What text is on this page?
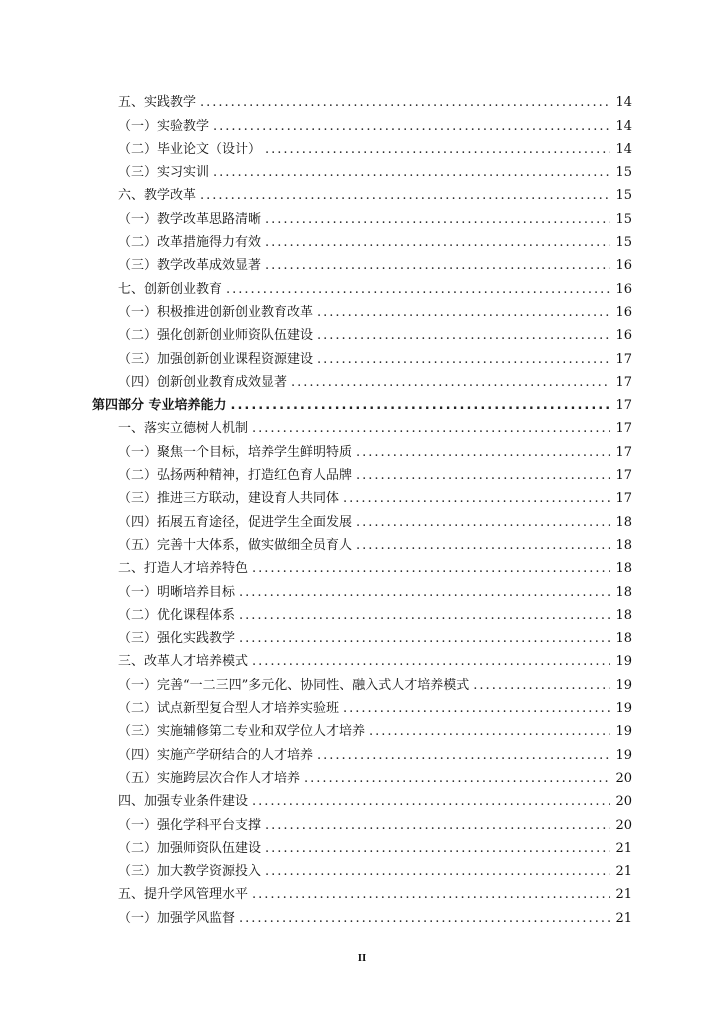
五、实践教学 .....	14
（一）实验教学 .....	14
（二）毕业论文（设计） .....	14
（三）实习实训 .....	15
六、教学改革 .....	15
（一）教学改革思路清晰 .....	15
（二）改革措施得力有效 .....	15
（三）教学改革成效显著 .....	16
七、创新创业教育 .....	16
（一）积极推进创新创业教育改革 .....	16
（二）强化创新创业师资队伍建设 .....	16
（三）加强创新创业课程资源建设 .....	17
（四）创新创业教育成效显著 .....	17
第四部分 专业培养能力 .....	17
一、落实立德树人机制 .....	17
（一）聚焦一个目标，培养学生鲜明特质 .....	17
（二）弘扬两种精神，打造红色育人品牌 .....	17
（三）推进三方联动，建设育人共同体 .....	17
（四）拓展五育途径，促进学生全面发展 .....	18
（五）完善十大体系，做实做细全员育人 .....	18
二、打造人才培养特色 .....	18
（一）明晰培养目标 .....	18
（二）优化课程体系 .....	18
（三）强化实践教学 .....	18
三、改革人才培养模式 .....	19
（一）完善“一二三四”多元化、协同性、融入式人才培养模式 .....	19
（二）试点新型复合型人才培养实验班 .....	19
（三）实施辅修第二专业和双学位人才培养 .....	19
（四）实施产学研结合的人才培养 .....	19
（五）实施跨层次合作人才培养 .....	20
四、加强专业条件建设 .....	20
（一）强化学科平台支撑 .....	20
（二）加强师资队伍建设 .....	21
（三）加大教学资源投入 .....	21
五、提升学风管理水平 .....	21
（一）加强学风监督 .....	21
II
